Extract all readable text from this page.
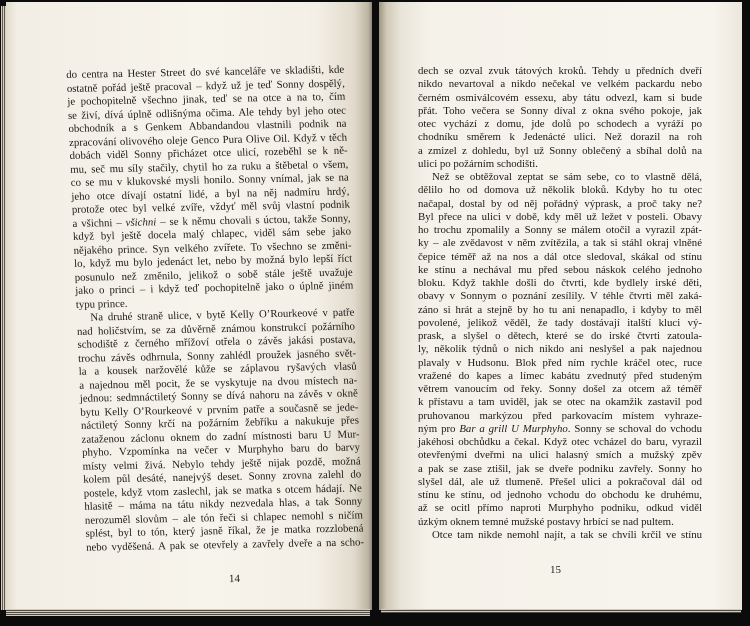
do centra na Hester Street do své kanceláře ve skladišti, kde
ostatně pořád ještě pracoval – když už je teď Sonny dospělý,
je pochopitelně všechno jinak, teď se na otce a na to, čím
se živí, dívá úplně odlišnýma očima. Ale tehdy byl jeho otec
obchodník a s Genkem Abbandandou vlastnili podnik na
zpracování olivového oleje Genco Pura Olive Oil. Když v těch
dobách viděl Sonny přicházet otce ulicí, rozeběhl se k ně-
mu, seč mu síly stačily, chytil ho za ruku a štěbetal o všem,
co se mu v klukovské mysli honilo. Sonny vnímal, jak se na
jeho otce dívají ostatní lidé, a byl na něj nadmíru hrdý,
protože otec byl velké zvíře, vždyť měl svůj vlastní podnik
a všichni – všichni – se k němu chovali s úctou, takže Sonny,
když byl ještě docela malý chlapec, viděl sám sebe jako
nějakého prince. Syn velkého zvířete. To všechno se změni-
lo, když mu bylo jedenáct let, nebo by možná bylo lepší říct
posunulo než změnilo, jelikož o sobě stále ještě uvažuje
jako o princi – i když teď pochopitelně jako o úplně jiném
typu prince.
Na druhé straně ulice, v bytě Kelly O’Rourkeové v patře
nad holičstvím, se za důvěrně známou konstrukcí požárního
schodiště z černého mřížoví otřela o závěs jakási postava,
trochu závěs odhrnula, Sonny zahlédl proužek jasného svět-
la a kousek naržovělé kůže se záplavou ryšavých vlasů
a najednou měl pocit, že se vyskytuje na dvou místech na-
jednou: sedmnáctiletý Sonny se dívá nahoru na závěs v okně
bytu Kelly O’Rourkeové v prvním patře a současně se jede-
náctiletý Sonny krčí na požárním žebříku a nakukuje přes
zataženou záclonu oknem do zadní místnosti baru U Mur-
phyho. Vzpomínka na večer v Murphyho baru do barvy
místy velmi živá. Nebylo tehdy ještě nijak pozdě, možná
kolem půl desáté, nanejvýš deset. Sonny zrovna zalehl do
postele, když vtom zaslechl, jak se matka s otcem hádají. Ne
hlasitě – máma na tátu nikdy nezvedala hlas, a tak Sonny
nerozuměl slovům – ale tón řeči si chlapec nemohl s ničím
splést, byl to tón, který jasně říkal, že je matka rozzlobená
nebo vyděšená. A pak se otevřely a zavřely dveře a na scho-
14
dech se ozval zvuk tátových kroků. Tehdy u předních dveří
nikdo nevartoval a nikdo nečekal ve velkém packardu nebo
černém osmiválcovém essexu, aby tátu odvezl, kam si bude
přát. Toho večera se Sonny díval z okna svého pokoje, jak
otec vychází z domu, jde dolů po schodech a vyráží po
chodníku směrem k Jedenácté ulici. Než dorazil na roh
a zmizel z dohledu, byl už Sonny oblečený a sbíhal dolů na
ulici po požárním schodišti.
Než se obtěžoval zeptat se sám sebe, co to vlastně dělá,
dělilo ho od domova už několik bloků. Kdyby ho tu otec
načapal, dostal by od něj pořádný výprask, a proč taky ne?
Byl přece na ulici v době, kdy měl už ležet v posteli. Obavy
ho trochu zpomalily a Sonny se málem otočil a vyrazil zpát-
ky – ale zvědavost v něm zvítězila, a tak si stáhl okraj vlněné
čepice téměř až na nos a dál otce sledoval, skákal od stínu
ke stínu a nechával mu před sebou náskok celého jednoho
bloku. Když takhle došli do čtvrti, kde bydlely irské děti,
obavy v Sonnym o poznání zesílily. V téhle čtvrti měl zaká-
záno si hrát a stejně by ho tu ani nenapadlo, i kdyby to měl
povolené, jelikož věděl, že tady dostávají italští kluci vý-
prask, a slyšel o dětech, které se do irské čtvrti zatoula-
ly, několik týdnů o nich nikdo ani neslyšel a pak najednou
plavaly v Hudsonu. Blok před ním rychle kráčel otec, ruce
vražené do kapes a límec kabátu zvednutý před studeným
větrem vanoucím od řeky. Sonny došel za otcem až téměř
k přístavu a tam uviděl, jak se otec na okamžik zastavil pod
pruhovanou markýzou před parkovacím místem vyhraze-
ným pro Bar a grill U Murphyho. Sonny se schoval do vchodu
jakéhosi obchůdku a čekal. Když otec vcházel do baru, vyrazil
otevřenými dveřmi na ulici halasný smích a mužský zpěv
a pak se zase ztišil, jak se dveře podniku zavřely. Sonny ho
slyšel dál, ale už tlumeně. Přešel ulici a pokračoval dál od
stínu ke stínu, od jednoho vchodu do obchodu ke druhému,
až se ocitl přímo naproti Murphyho podniku, odkud viděl
úzkým oknem temné mužské postavy hrbící se nad pultem.
Otce tam nikde nemohl najít, a tak se chvíli krčil ve stínu
15
